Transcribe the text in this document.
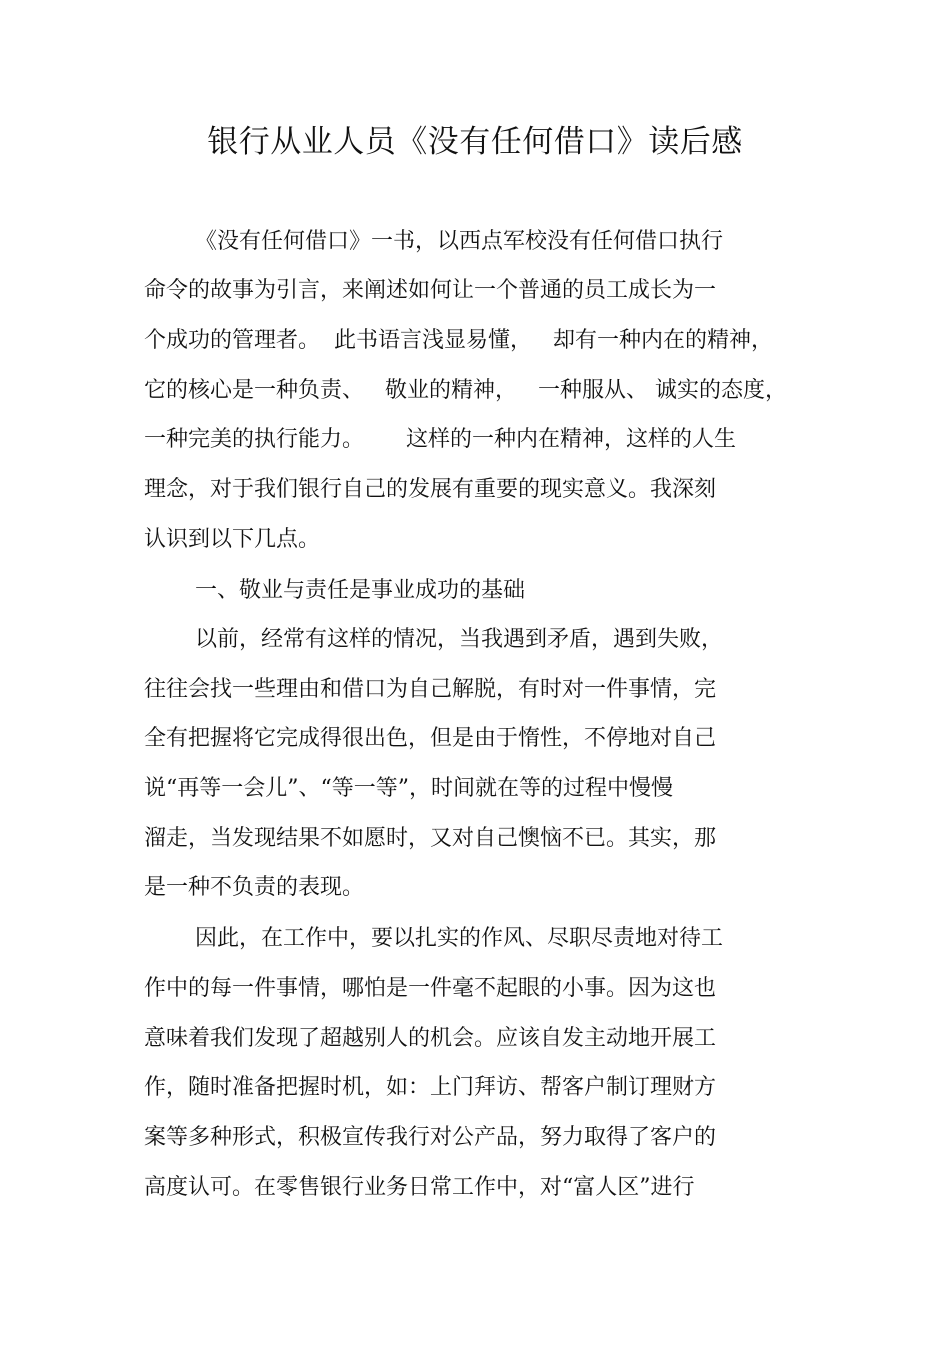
银行从业人员《没有任何借口》读后感

《没有任何借口》一书，以西点军校没有任何借口执行

命令的故事为引言，来阐述如何让一个普通的员工成长为一

个成功的管理者。  此书语言浅显易懂，   却有一种内在的精神，

它的核心是一种负责、   敬业的精神，   一种服从、 诚实的态度，

一种完美的执行能力。      这样的一种内在精神，这样的人生

理念，对于我们银行自己的发展有重要的现实意义。我深刻

认识到以下几点。

一、敬业与责任是事业成功的基础

以前，经常有这样的情况，当我遇到矛盾，遇到失败，

往往会找一些理由和借口为自己解脱，有时对一件事情，完

全有把握将它完成得很出色，但是由于惰性，不停地对自己

说“再等一会儿”、“等一等”，时间就在等的过程中慢慢

溜走，当发现结果不如愿时，又对自己懊恼不已。其实，那

是一种不负责的表现。

因此，在工作中，要以扎实的作风、尽职尽责地对待工

作中的每一件事情，哪怕是一件毫不起眼的小事。因为这也

意味着我们发现了超越别人的机会。应该自发主动地开展工

作，随时准备把握时机，如：上门拜访、帮客户制订理财方

案等多种形式，积极宣传我行对公产品，努力取得了客户的

高度认可。在零售银行业务日常工作中，对“富人区”进行
